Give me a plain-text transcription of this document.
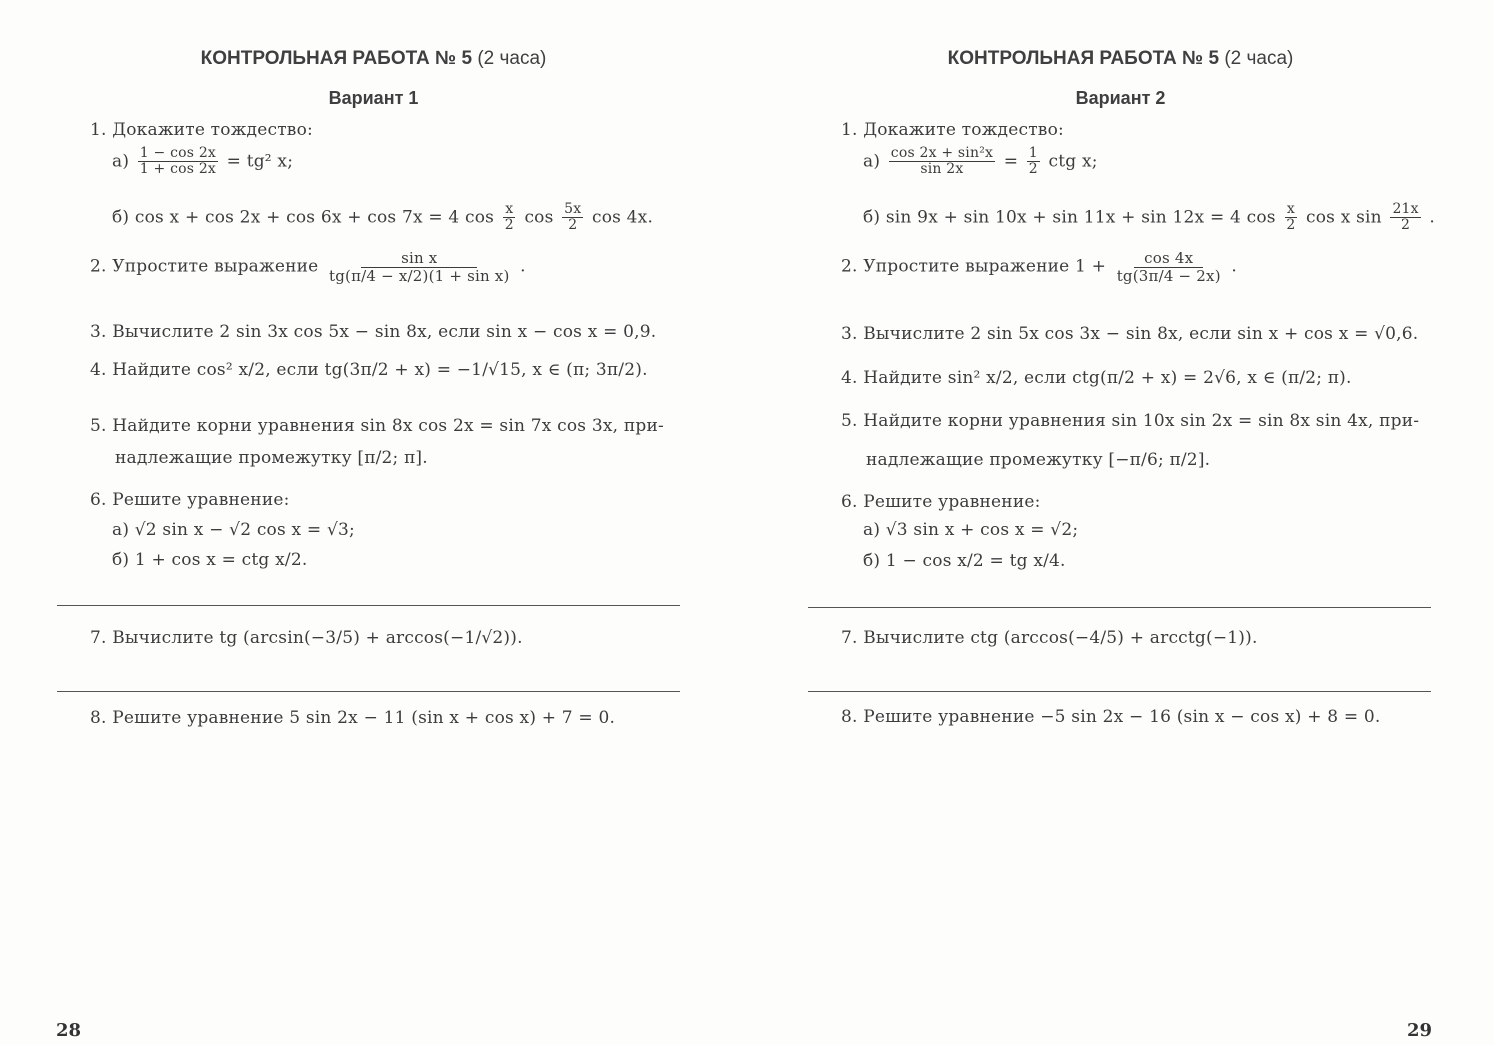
КОНТРОЛЬНАЯ РАБОТА № 5 (2 часа)
Вариант 1
1. Докажите тождество:
$а) \frac{1 - \cos 2x}{1 + \cos 2x} = tg^2$ x;
б) cos x + cos 2x + cos 6x + cos 7x = 4 $\cos \frac{x}{2}$ $\cos \frac{5x}{2}$ cos 4x.
2. Упростите выражение $\frac{\text{sin x}}{\text{tg(π/4 − x/2)(1 + sin x)}}$ .
3. Вычислите 2 sin 3x cos 5x − sin 8x, если sin x − cos x = 0,9.
4. Найдите cos² x/2, если tg(3π/2 + x) = −1/√15, x ∈ (π; 3π/2).
5. Найдите корни уравнения sin 8x cos 2x = sin 7x cos 3x, при-
надлежащие промежутку [π/2; π].
6. Решите уравнение:
а) √2 sin x − √2 cos x = √3;
б) 1 + cos x = ctg x/2.
7. Вычислите tg (arcsin(−3/5) + arccos(−1/√2)).
8. Решите уравнение 5 sin 2x − 11 (sin x + cos x) + 7 = 0.
28
КОНТРОЛЬНАЯ РАБОТА № 5 (2 часа)
Вариант 2
1. Докажите тождество:
$а) \frac{\text{cos 2x + sin²x}}{\sin 2x} = \frac{1}{2}$ ctg x;
б) sin 9x + sin 10x + sin 11x + sin 12x = 4 $\cos \frac{x}{2}$ cos x $\sin \frac{21x}{2}$ .
2. Упростите выражение $1 + \frac{\cos 4x}{tg(3\pi/4 - 2x)}$ .
3. Вычислите 2 sin 5x cos 3x − sin 8x, если sin x + cos x = √0,6.
4. Найдите sin² x/2, если ctg(π/2 + x) = 2√6, x ∈ (π/2; π).
5. Найдите корни уравнения sin 10x sin 2x = sin 8x sin 4x, при-
надлежащие промежутку [−π/6; π/2].
6. Решите уравнение:
а) √3 sin x + cos x = √2;
б) 1 − cos x/2 = tg x/4.
7. Вычислите ctg (arccos(−4/5) + arcctg(−1)).
8. Решите уравнение −5 sin 2x − 16 (sin x − cos x) + 8 = 0.
29
